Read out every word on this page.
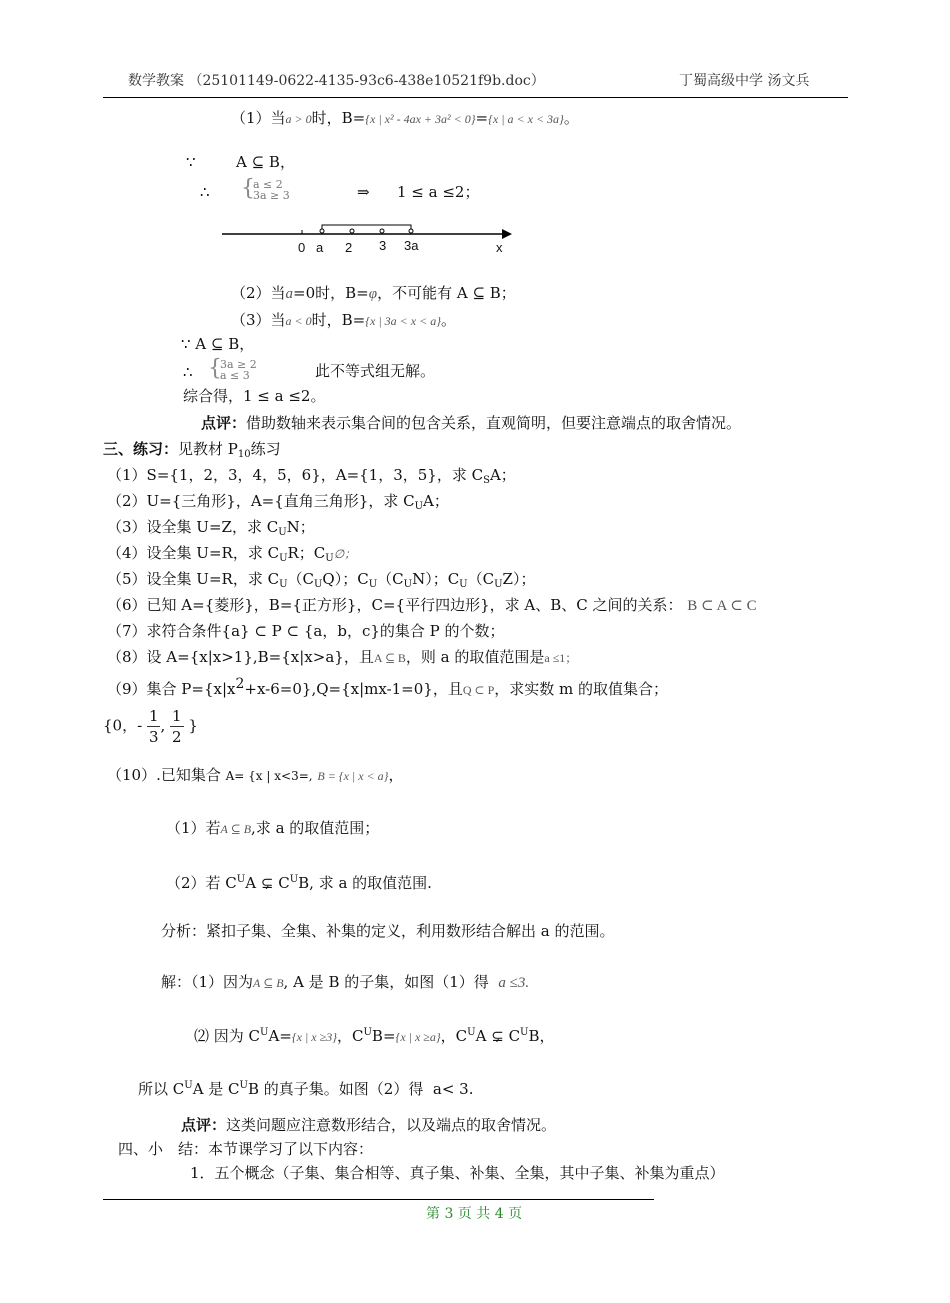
数学教案 （25101149-0622-4135-93c6-438e10521f9b.doc）	丁蜀高级中学 汤文兵
（1）当a > 0时，B={x | x² - 4ax + 3a² < 0}={x | a < x < 3a}。
∵	A ⊆ B，
∴ {
a ≤ 2
3a ≥ 3	⇒ 1 ≤ a ≤2；
0 a 2 3 3a	x
（2）当a=0时，B=φ，不可能有 A ⊆ B；
（3）当a < 0时，B={x | 3a < x < a}。
∵ A ⊆ B，
∴ {
3a ≥ 2
a ≤ 3	此不等式组无解。
综合得，1 ≤ a ≤2。
点评：借助数轴来表示集合间的包含关系，直观简明，但要注意端点的取舍情况。
三、练习：见教材 $P_{10}$练习
（1）S={1，2，3，4，5，6}，A={1，3，5}，求 $C_SA$；
（2）U={三角形}，A={直角三角形}，求 $C_UA$；
（3）设全集 U=Z，求 $C_UN$；
（4）设全集 U=R，求 $C_UR$；$C_U\emptyset$；
（5）设全集 U=R，求 $C_U(C_UQ)$；$C_U(C_UN)$；$C_U(C_UZ)$；
（6）已知 A={菱形}，B={正方形}，C={平行四边形}，求 A、B、C 之间的关系： B ⊂ A ⊂ C
（7）求符合条件{a} ⊂ P ⊂ {a，b，c}的集合 P 的个数；
（8）设 A={x|x>1},B={x|x>a}，且A ⊆ B，则 a 的取值范围是a ≤1；
（9）集合 P={x|x2+x-6=0},Q={x|mx-1=0}，且Q ⊂ P，求实数 m 的取值集合；
{0，- $\frac{1}{3}$ , $\frac{1}{2}$ }
（10）.已知集合 A= {x | x<3=, B = {x | x < a}，
（1）若A ⊆ B,求 a 的取值范围；
（2）若 $C^UA$ ⊊ $C^UB$, 求 a 的取值范围.
分析：紧扣子集、全集、补集的定义，利用数形结合解出 a 的范围。
解：（1）因为A ⊆ B, A 是 B 的子集，如图（1）得 a ≤3.
⑵ 因为 $C^UA=\{x$ | x ≥3}，$C^UB=\{x$ | x ≥a}，$C^UA$ ⊊ $C^UB$，
所以 $C^UA$ 是 $C^UB$ 的真子集。如图（2）得 a< 3.
点评：这类问题应注意数形结合，以及端点的取舍情况。
四、小　结：本节课学习了以下内容：
1．五个概念（子集、集合相等、真子集、补集、全集，其中子集、补集为重点）
第 3 页 共 4 页
